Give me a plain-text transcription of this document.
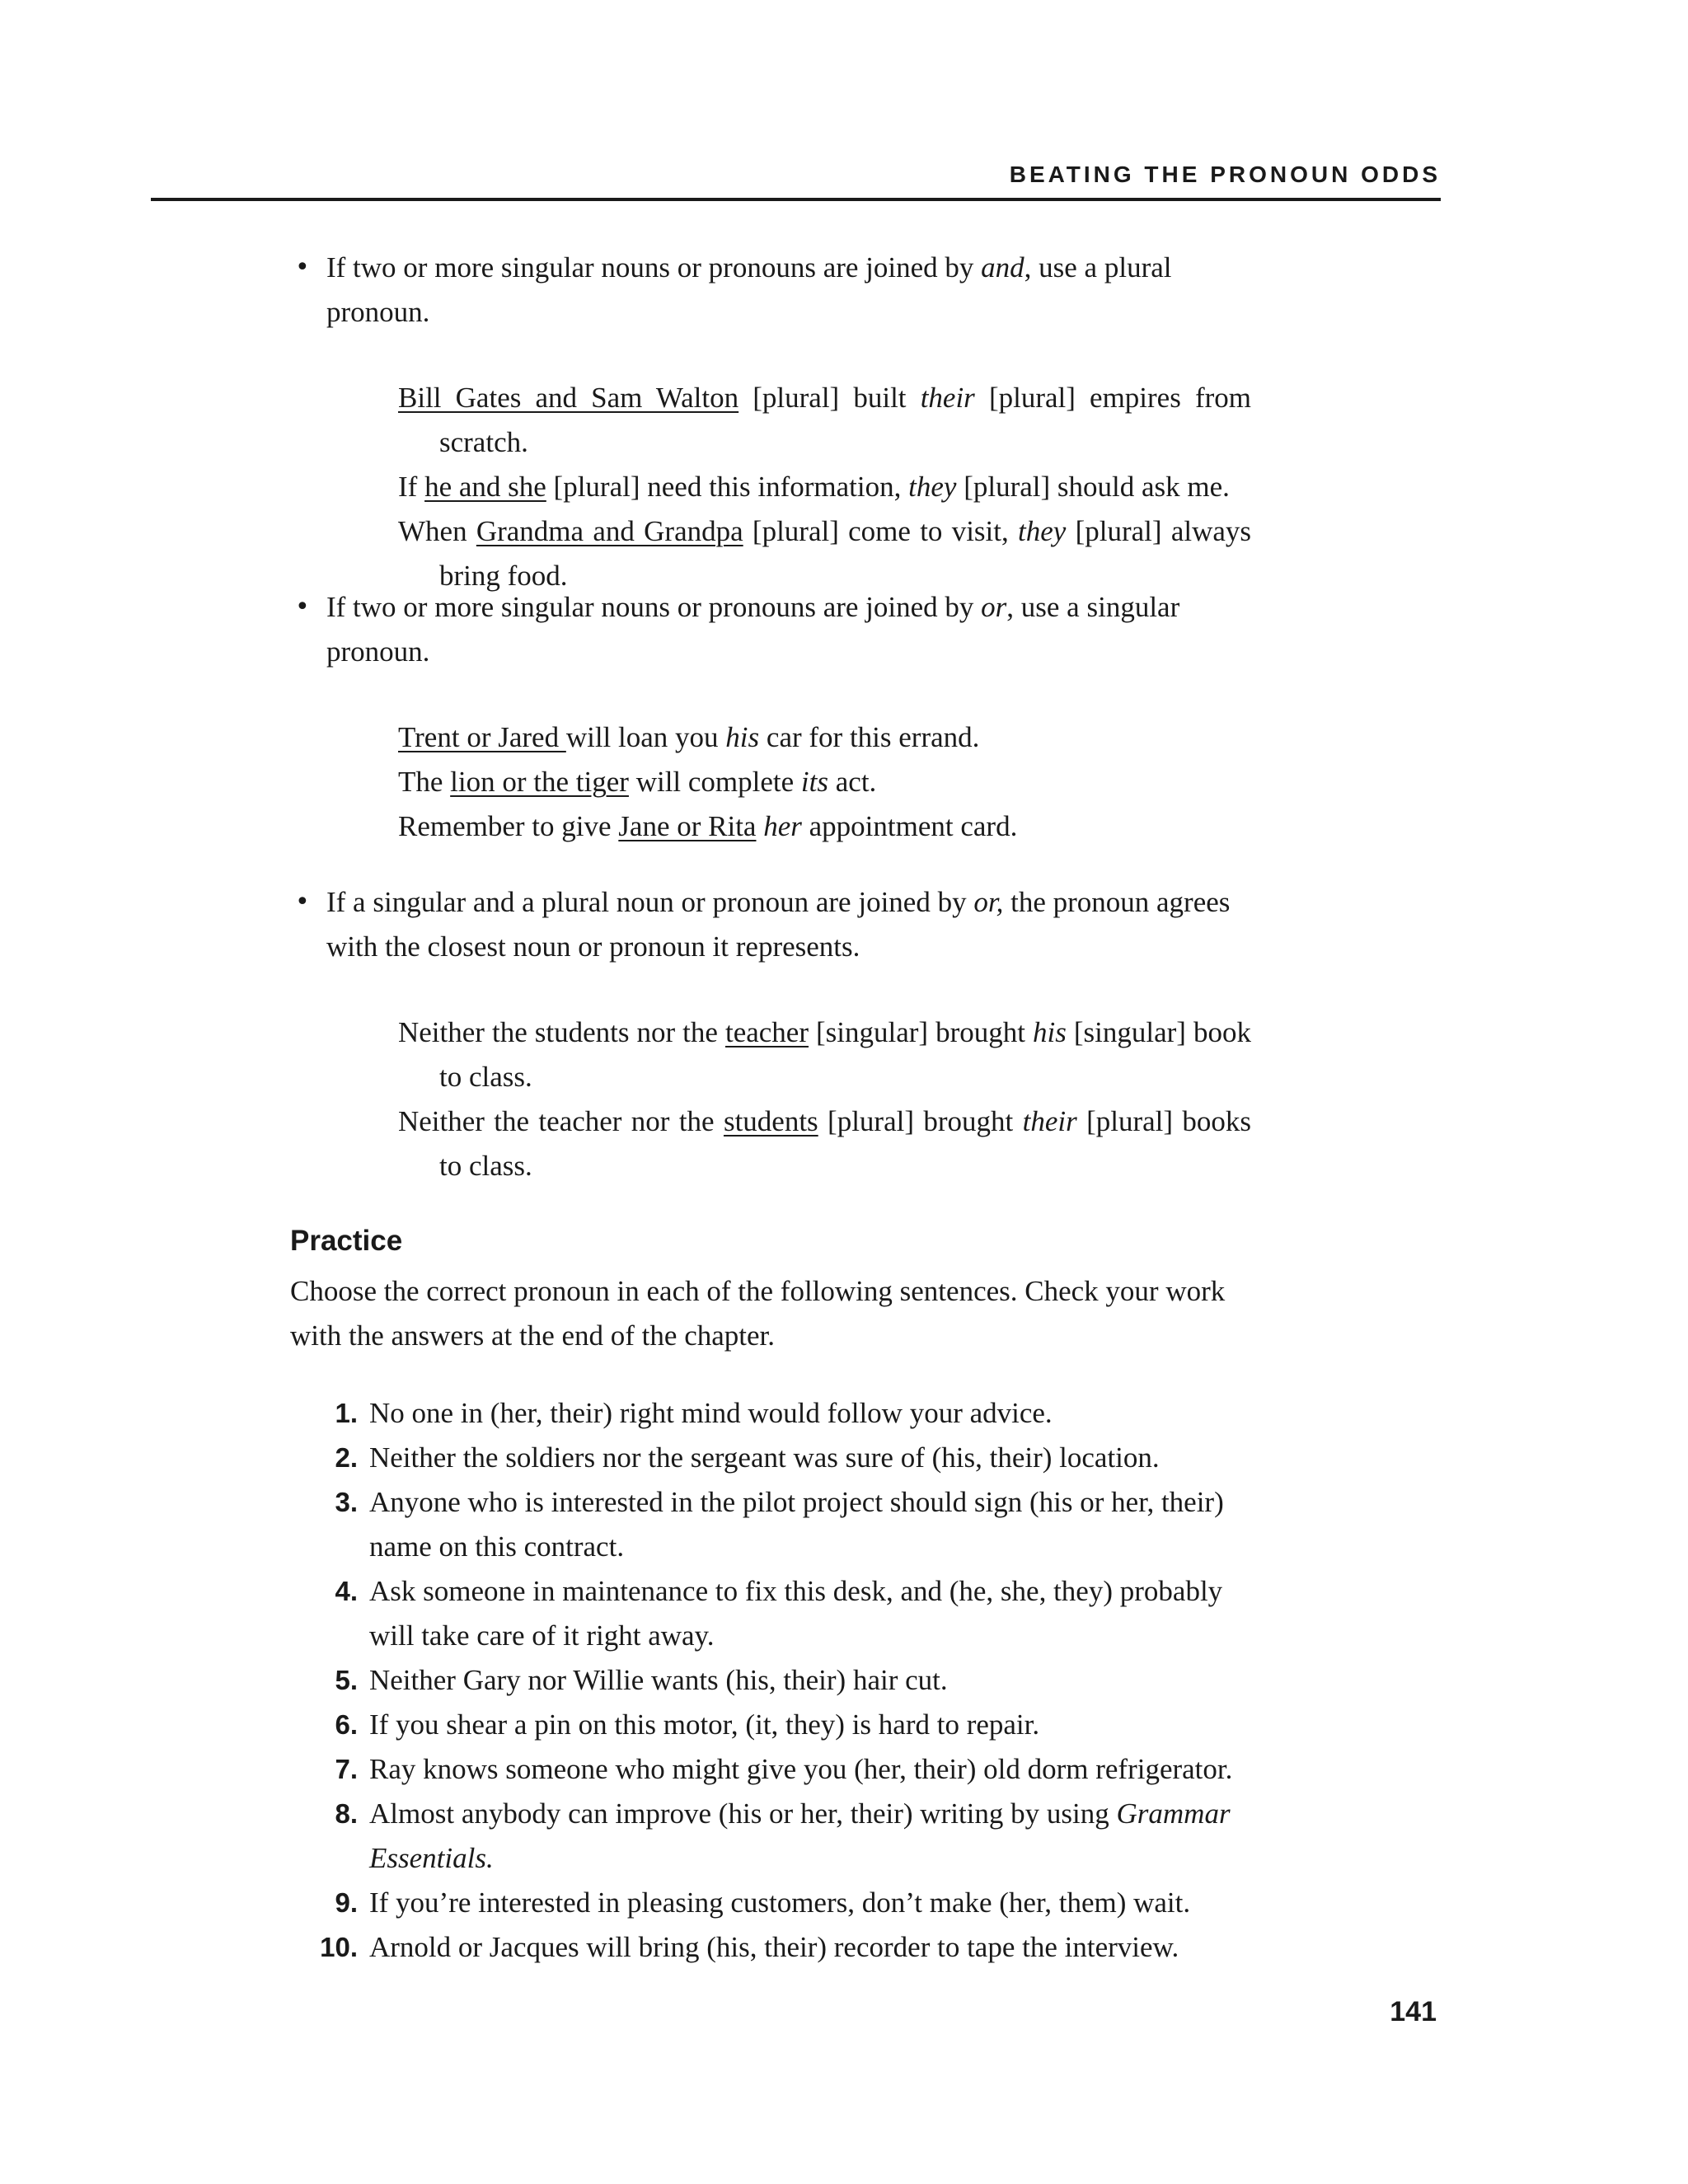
BEATING THE PRONOUN ODDS
• If two or more singular nouns or pronouns are joined by and, use a plural pronoun.
Bill Gates and Sam Walton [plural] built their [plural] empires from scratch.
If he and she [plural] need this information, they [plural] should ask me.
When Grandma and Grandpa [plural] come to visit, they [plural] always bring food.
• If two or more singular nouns or pronouns are joined by or, use a singular pronoun.
Trent or Jared will loan you his car for this errand.
The lion or the tiger will complete its act.
Remember to give Jane or Rita her appointment card.
• If a singular and a plural noun or pronoun are joined by or, the pronoun agrees with the closest noun or pronoun it represents.
Neither the students nor the teacher [singular] brought his [singular] book to class.
Neither the teacher nor the students [plural] brought their [plural] books to class.
Practice
Choose the correct pronoun in each of the following sentences. Check your work with the answers at the end of the chapter.
1. No one in (her, their) right mind would follow your advice.
2. Neither the soldiers nor the sergeant was sure of (his, their) location.
3. Anyone who is interested in the pilot project should sign (his or her, their) name on this contract.
4. Ask someone in maintenance to fix this desk, and (he, she, they) probably will take care of it right away.
5. Neither Gary nor Willie wants (his, their) hair cut.
6. If you shear a pin on this motor, (it, they) is hard to repair.
7. Ray knows someone who might give you (her, their) old dorm refrigerator.
8. Almost anybody can improve (his or her, their) writing by using Grammar Essentials.
9. If you’re interested in pleasing customers, don’t make (her, them) wait.
10. Arnold or Jacques will bring (his, their) recorder to tape the interview.
141
